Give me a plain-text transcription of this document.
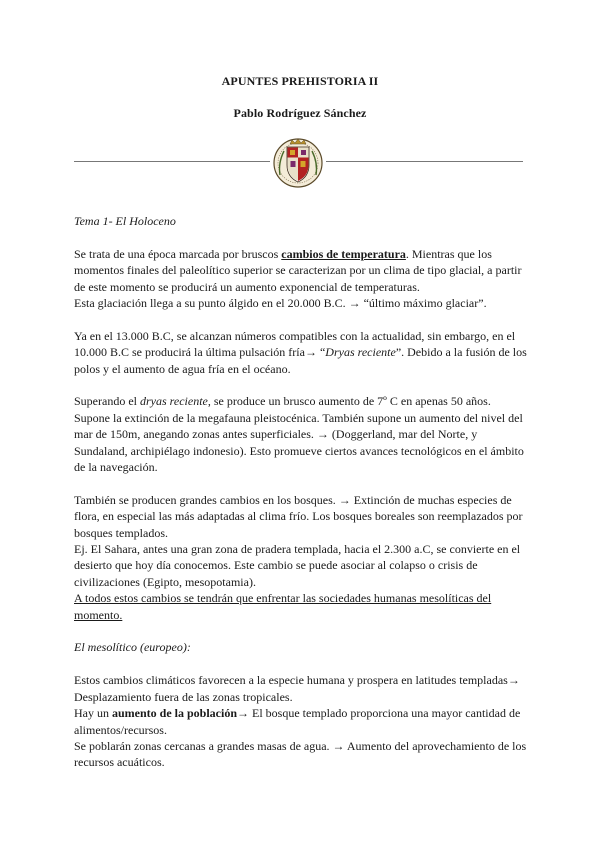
APUNTES PREHISTORIA II
Pablo Rodríguez Sánchez

Tema 1- El Holoceno

Se trata de una época marcada por bruscos cambios de temperatura. Mientras que los momentos finales del paleolítico superior se caracterizan por un clima de tipo glacial, a partir de este momento se producirá un aumento exponencial de temperaturas.

Esta glaciación llega a su punto álgido en el 20.000 B.C. → “último máximo glaciar”.

Ya en el 13.000 B.C, se alcanzan números compatibles con la actualidad, sin embargo, en el 10.000 B.C se producirá la última pulsación fría→ “Dryas reciente”. Debido a la fusión de los polos y el aumento de agua fría en el océano.

Superando el dryas reciente, se produce un brusco aumento de 7º C en apenas 50 años. Supone la extinción de la megafauna pleistocénica. También supone un aumento del nivel del mar de 150m, anegando zonas antes superficiales. → (Doggerland, mar del Norte, y Sundaland, archipiélago indonesio). Esto promueve ciertos avances tecnológicos en el ámbito de la navegación.

También se producen grandes cambios en los bosques. → Extinción de muchas especies de flora, en especial las más adaptadas al clima frío. Los bosques boreales son reemplazados por bosques templados.

Ej. El Sahara, antes una gran zona de pradera templada, hacia el 2.300 a.C, se convierte en el desierto que hoy día conocemos. Este cambio se puede asociar al colapso o crisis de civilizaciones (Egipto, mesopotamia).

A todos estos cambios se tendrán que enfrentar las sociedades humanas mesolíticas del momento.

El mesolítico (europeo):

Estos cambios climáticos favorecen a la especie humana y prospera en latitudes templadas→ Desplazamiento fuera de las zonas tropicales.

Hay un aumento de la población→ El bosque templado proporciona una mayor cantidad de alimentos/recursos.

Se poblarán zonas cercanas a grandes masas de agua. → Aumento del aprovechamiento de los recursos acuáticos.
